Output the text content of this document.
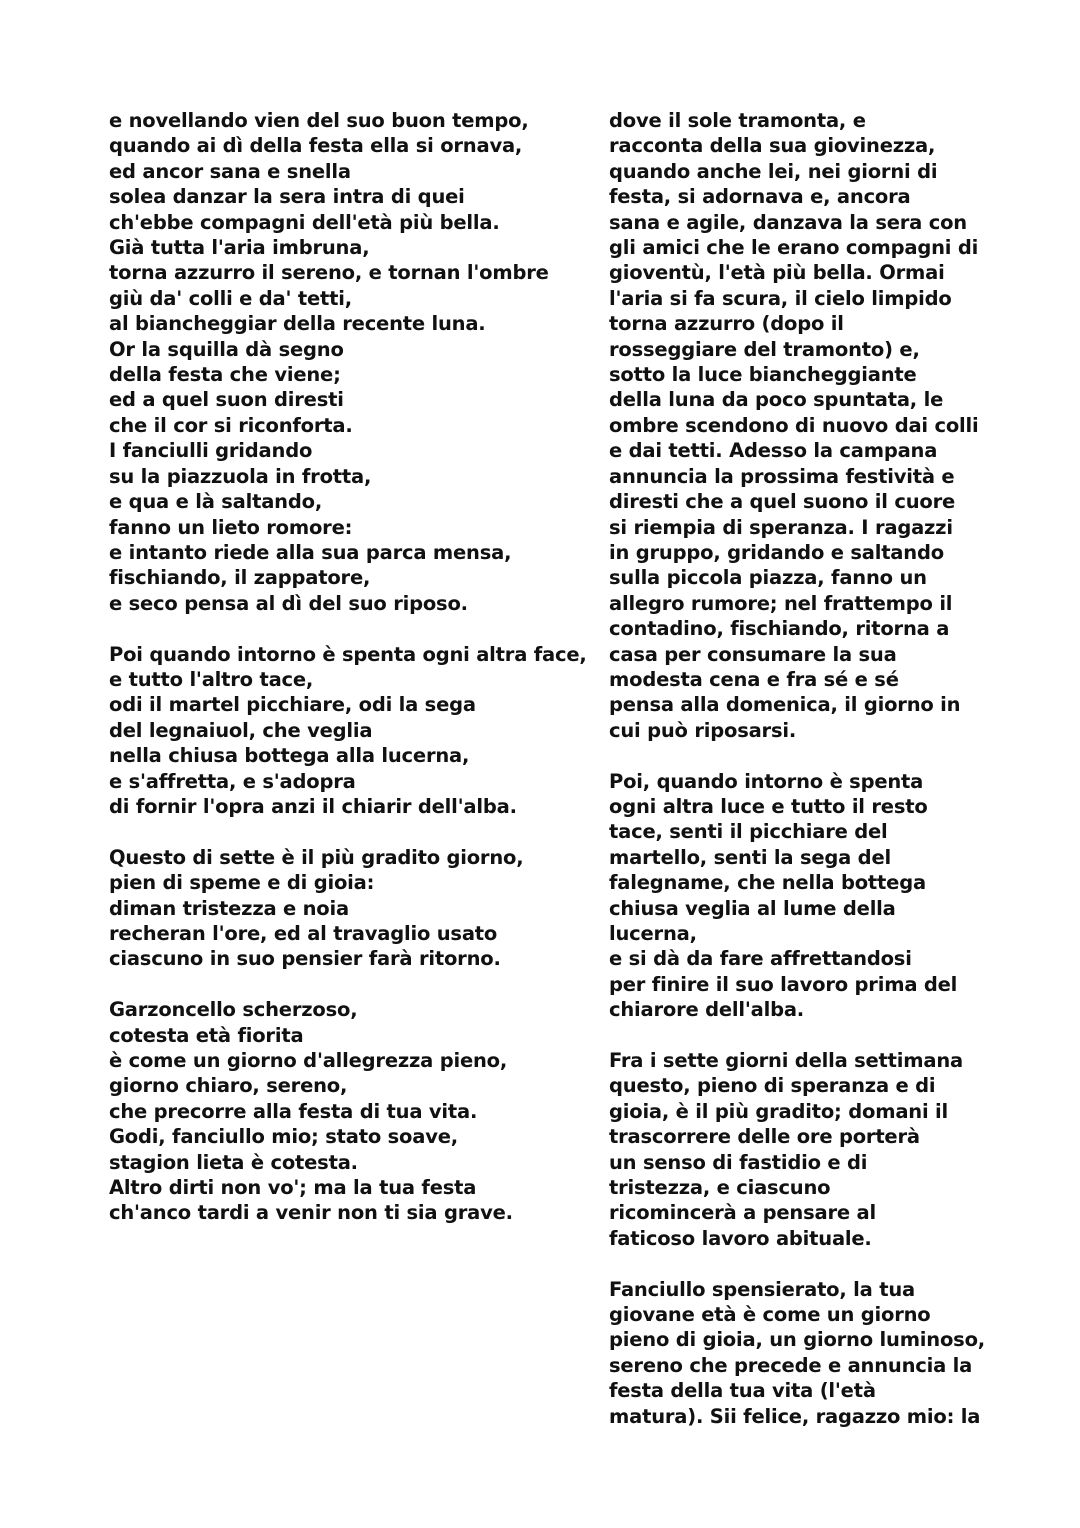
e novellando vien del suo buon tempo,
quando ai dì della festa ella si ornava,
ed ancor sana e snella
solea danzar la sera intra di quei
ch'ebbe compagni dell'età più bella.
Già tutta l'aria imbruna,
torna azzurro il sereno, e tornan l'ombre
giù da' colli e da' tetti,
al biancheggiar della recente luna.
Or la squilla dà segno
della festa che viene;
ed a quel suon diresti
che il cor si riconforta.
I fanciulli gridando
su la piazzuola in frotta,
e qua e là saltando,
fanno un lieto romore:
e intanto riede alla sua parca mensa,
fischiando, il zappatore,
e seco pensa al dì del suo riposo.
Poi quando intorno è spenta ogni altra face,
e tutto l'altro tace,
odi il martel picchiare, odi la sega
del legnaiuol, che veglia
nella chiusa bottega alla lucerna,
e s'affretta, e s'adopra
di fornir l'opra anzi il chiarir dell'alba.
Questo di sette è il più gradito giorno,
pien di speme e di gioia:
diman tristezza e noia
recheran l'ore, ed al travaglio usato
ciascuno in suo pensier farà ritorno.
Garzoncello scherzoso,
cotesta età fiorita
è come un giorno d'allegrezza pieno,
giorno chiaro, sereno,
che precorre alla festa di tua vita.
Godi, fanciullo mio; stato soave,
stagion lieta è cotesta.
Altro dirti non vo'; ma la tua festa
ch'anco tardi a venir non ti sia grave.
dove il sole tramonta, e
racconta della sua giovinezza,
quando anche lei, nei giorni di
festa, si adornava e, ancora
sana e agile, danzava la sera con
gli amici che le erano compagni di
gioventù, l'età più bella. Ormai
l'aria si fa scura, il cielo limpido
torna azzurro (dopo il
rosseggiare del tramonto) e,
sotto la luce biancheggiante
della luna da poco spuntata, le
ombre scendono di nuovo dai colli
e dai tetti. Adesso la campana
annuncia la prossima festività e
diresti che a quel suono il cuore
si riempia di speranza. I ragazzi
in gruppo, gridando e saltando
sulla piccola piazza, fanno un
allegro rumore; nel frattempo il
contadino, fischiando, ritorna a
casa per consumare la sua
modesta cena e fra sé e sé
pensa alla domenica, il giorno in
cui può riposarsi.
Poi, quando intorno è spenta
ogni altra luce e tutto il resto
tace, senti il picchiare del
martello, senti la sega del
falegname, che nella bottega
chiusa veglia al lume della lucerna,
e si dà da fare affrettandosi
per finire il suo lavoro prima del
chiarore dell'alba.
Fra i sette giorni della settimana
questo, pieno di speranza e di
gioia, è il più gradito; domani il
trascorrere delle ore porterà
un senso di fastidio e di
tristezza, e ciascuno
ricomincerà a pensare al
faticoso lavoro abituale.
Fanciullo spensierato, la tua
giovane età è come un giorno
pieno di gioia, un giorno luminoso,
sereno che precede e annuncia la
festa della tua vita (l'età
matura). Sii felice, ragazzo mio: la
